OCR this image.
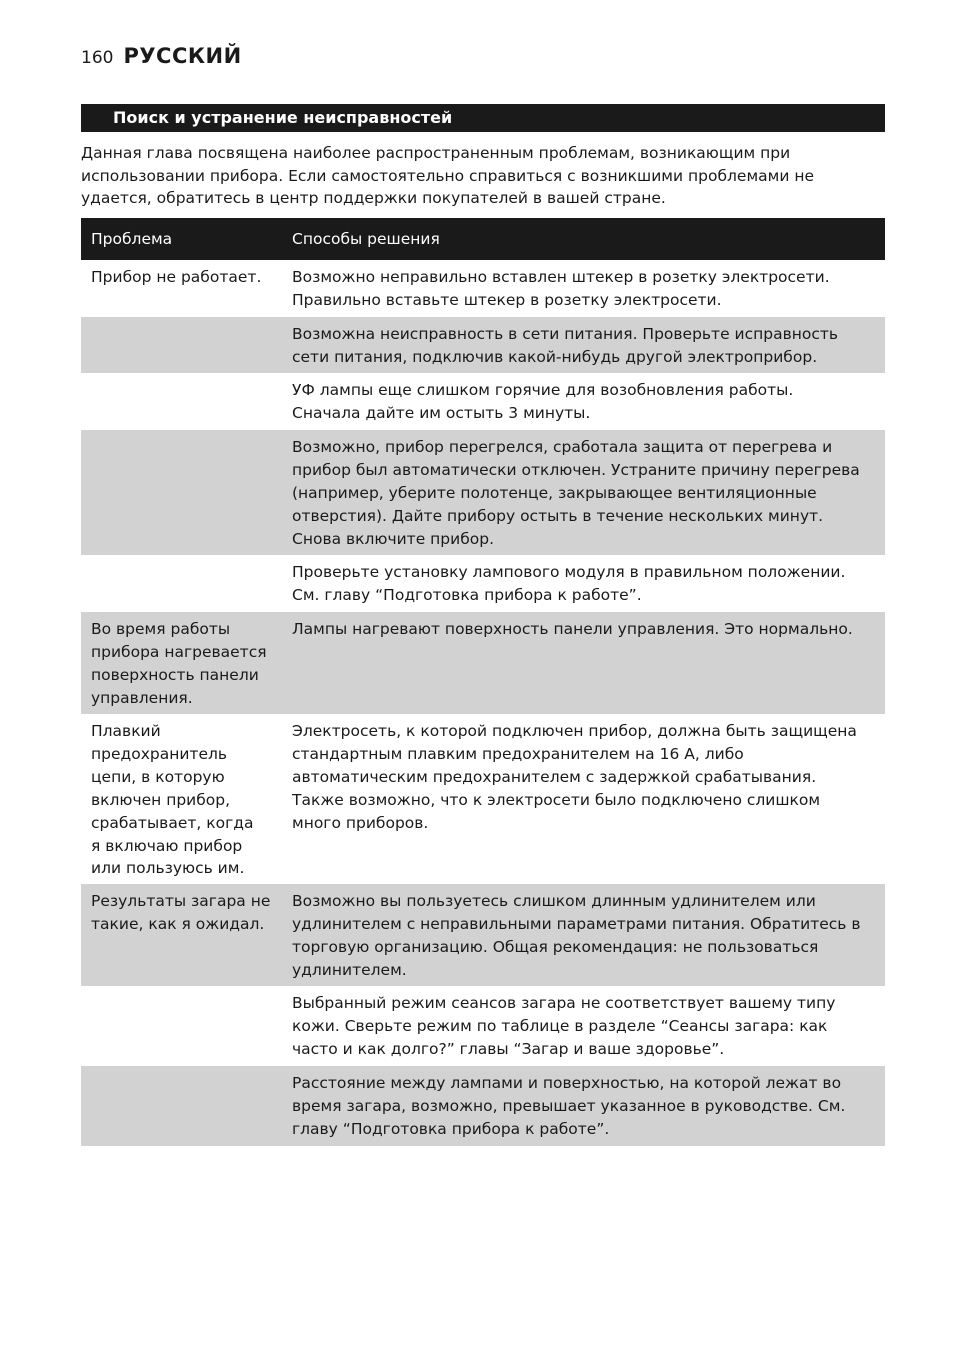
160 РУССКИЙ
Поиск и устранение неисправностей

Данная глава посвящена наиболее распространенным проблемам, возникающим при
использовании прибора. Если самостоятельно справиться с возникшими проблемами не
удается, обратитесь в центр поддержки покупателей в вашей стране.

Проблема	Способы решения
Прибор не работает.	Возможно неправильно вставлен штекер в розетку электросети.
Правильно вставьте штекер в розетку электросети.
Возможна неисправность в сети питания. Проверьте исправность
сети питания, подключив какой-нибудь другой электроприбор.
УФ лампы еще слишком горячие для возобновления работы.
Сначала дайте им остыть 3 минуты.
Возможно, прибор перегрелся, сработала защита от перегрева и
прибор был автоматически отключен. Устраните причину перегрева
(например, уберите полотенце, закрывающее вентиляционные
отверстия). Дайте прибору остыть в течение нескольких минут.
Снова включите прибор.
Проверьте установку лампового модуля в правильном положении.
См. главу “Подготовка прибора к работе”.
Во время работы
прибора нагревается
поверхность панели
управления.
Лампы нагревают поверхность панели управления. Это нормально.
Плавкий
предохранитель
цепи, в которую
включен прибор,
срабатывает, когда
я включаю прибор
или пользуюсь им.
Электросеть, к которой подключен прибор, должна быть защищена
стандартным плавким предохранителем на 16 А, либо
автоматическим предохранителем с задержкой срабатывания.
Также возможно, что к электросети было подключено слишком
много приборов.
Результаты загара не
такие, как я ожидал.
Возможно вы пользуетесь слишком длинным удлинителем или
удлинителем с неправильными параметрами питания. Обратитесь в
торговую организацию. Общая рекомендация: не пользоваться
удлинителем.
Выбранный режим сеансов загара не соответствует вашему типу
кожи. Сверьте режим по таблице в разделе “Сеансы загара: как
часто и как долго?” главы “Загар и ваше здоровье”.
Расстояние между лампами и поверхностью, на которой лежат во
время загара, возможно, превышает указанное в руководстве. См.
главу “Подготовка прибора к работе”.
